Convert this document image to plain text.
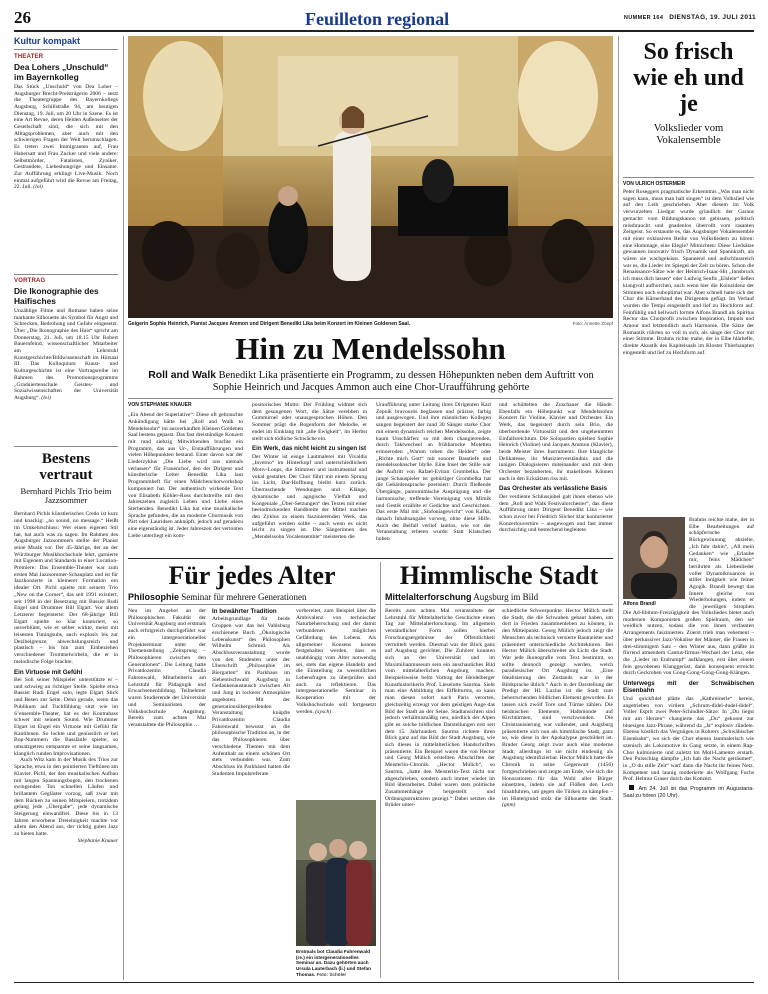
26	Feuilleton regional	NUMMER 164 DIENSTAG, 19. JULI 2011
Kultur kompakt
THEATER
Dea Lohers „Unschuld“ im Bayernkolleg
Das Stück „Unschuld“ von Dea Loher – Augsburger Brecht-Preisträgerin 2006 – setzt die Theatergruppe des Bayernkollegs Augsburg, Schillstraße 94, am heutigen Dienstag, 19. Juli, um 20 Uhr in Szene. Es ist eine Art Revue, deren Helden Außenseiter der Gesellschaft sind, die sich mit den Alltagsproblemen, aber auch mit den schwierigen Fragen der Welt herumschlagen. Es treten zwei Immigranten auf, Frau Habersatt und Frau Zucker und viele andere: Selbstmörder, Fatalisten, Zyniker, Gestrandete, Liebeshungrige und Einsame. Zur Aufführung erklingt Live-Musik. Noch einmal aufgeführt wird die Revue am Freitag, 22. Juli. (loi)
VORTRAG
Die Ikonographie des Haifisches
Unzählige Filme und Romane haben seine markante Silhouette als Symbol für Angst und Schrecken, Bedrohung und Gefahr eingesetzt. Über „Die Ikonographie des Hais“ spricht am Donnerstag, 21. Juli, um 18.15 Uhr Robert Bauernfeind, wissenschaftlicher Mitarbeiter am Lehrstuhl Kunstgeschichte/Bildwissenschaft im Hörsaal III. Das Kolloquium Kunst- und Kulturgeschichte ist eine Vortragsreihe im Rahmen des Promotionsprogramms „Graduiertenschule Geistes- und Sozialwissenschaften der Universität Augsburg“. (loi)
Bestens vertraut
Bernhard Pichls Trio beim Jazzsommer

Bernhard Pichls künstlerisches Credo ist kurz und knackig: „no sound, no message.“ Heißt im Umkehrschluss: Wer einen eigenen Stil hat, hat auch was zu sagen. Im Rahmen des Augsburger Jazzsommers stellte der Pianist seine Musik vor. Der 45-Jährige, der an der Würzburger Musikhochschule lehrt, garnierte mit Eigenem und Standards in einer Location-Premiere: Das Ensemble-Theater war zum ersten Mal Jazzsommer-Schauplatz und ist für Jazzkonzerte in kleinerer Formation ein idealer Ort. Pichl spielte mit seinem Trio „New on the Corner“, das seit 1991 existiert, seit 1998 in der Besetzung mit Bassist Rudi Engel und Drummer Bill Elgart. Vor allem Letzterer begeisterte: Der 68-jährige Bill Elgart spielte so klar konturiert, so unverblümt, wie er selber wirkte, meist mit leisesten Tuningsubs, auch explosiv bis zur Dezibelgrenze, abwechslungsreich und plastisch – bis hin zum Einbeziehen verschiedener Trommelwirbeln, die er in melodische Folge brachte.

Ein Virtuose mit Gefühl

Bei Soli seiner Mitspieler unterstützte er – und schwieg an richtiger Stelle. Spielte etwa Bassist Rudi Engel solo, legte Elgart Stick und Besen zur Seite. Denn gerade, wenn das Publikum auf Tuchfühlung sitzt wie im S’ensemble-Theater, hat es der Kontrabass schwer mit seinem Sound. Wie Drummer Elgart ist Engel ein Virtuose mit Gefühl für Kantilenen. So lockte und genüsslich er bei Bop-Nummern die Bassläufe spielte, so umsatzgetreu entspannte er seine langsamen, klanglich runden Improvisationen.

Auch Witz kam in der Musik des Trios zur Sprache, etwa in den pointierten Tieftönen am Klavier. Pichl, der den musikalischen Aufbau mit langen Spannungsbogen, den trockenen swingenden Ton schnellen Läufen und brillantem Gegläster vorzog, saß zwar mit dem Rücken zu seinen Mitspielern, trotzdem gelang jede „Übergabe“, jede dynamische Steigerung einwandfrei. Diese bis in 13 Jahren erworbene Dreieinigkeit machte vor allem den Abend aus, der richtig guten Jazz zu bieten hatte.

Stephanie Knauer
Geigerin Sophie Heinrich, Pianist Jacques Ammon und Dirigent Benedikt Lika beim Konzert im Kleinen Goldenen Saal.	Foto: Annette Zoepf
Hin zu Mendelssohn
Roll and Walk Benedikt Lika präsentierte ein Programm, zu dessen Höhepunkten neben dem Auftritt von Sophie Heinrich und Jacques Ammon auch eine Chor-Uraufführung gehörte
VON STEPHANIE KNAUER
„Ein Abend der Superlative“: Diese oft gebrauchte Ankündigung hätte bei „Roll and Walk to Mendelssohn“ im ausverkauften Kleinen Goldenen Saal bestens gepasst. Das fast dreistündige Konzert mit rund siebzig Mitwirkenden brachte ein Programm, das aus Ur-, Erstaufführungen und vielen Höhepunkten bestand. Einer davon war der Liederzyklus „Die Liebe wird uns niemals verlassen“ für Frauenchor, den der Dirigent und künstlerische Leiter Benedikt Lika laut Programmheft für einen Mädchenchorworkshop komponiert hat. Der authentisch wirkende Text von Elisabeth Köhler-Ross durchstreifte mit den Jahreszeiten zugleich Leben und Liebe eines Sterbenden. Benedikt Lika hat eine musikalische Sprache gefunden, die an moderne Chormusik von Pärt oder Lauridsen anknüpft, jedoch auf geradezu eine eigenständig ist. Jeder Jahreszeit der vertonten Liebe unterliegt ein kom-

positorisches Motto: Der Frühling widmet sich dem gesungenen Wort, die Sätze verebben in Gummirnel oder unausgesprochen Höhen. Den Sommer prägt die Bogenform der Melodie, er endet im Einklang mit „alle Ewigkeit“, im Herbst stellt sich tödliche Schwäche ein.

Ein Werk, das nicht leicht zu singen ist

Der Winter ist eisige Lautmalerei mit Vivaldis „Inverno“ im Hinterkopf und unterschiedlichem Motiv-Loops, die Stimmen und instrumental und vokal gestaltet. Der Chor führt mit einem Sprung ins Licht, Dur-Hoffnung bleibt kurz zurück. Überraschende Wendungen und Klänge, dynamische und agogische Vielfalt und Kongeniale „Über-Setzungen“ des Textes mit einer beeindruckenden Bandbreite der Mittel machen den Zyklus zu einem faszinierenden Werk, das aufgeführt werden sollte – auch wenn es nicht leicht zu singen ist. Die Sängerinnen des „Mendelssohn Vocalensemble“ meisterten die

Uraufführung unter Leitung ihres Dirigenten Karl Zepnik bravourös beglassen und präzise, farbig und ausgewogen. Und ihre männlichen Kollegen sangen begeistert der rund 30 Sänger starke Chor mit einem dynamisch reichen Mendelssohn, zeigte kaum Unschärfen: so mit dem changierenden, durch Taktwechsel an frühbarocke Motetten erinnernden „Warum toben die Heiden“ oder „Richte mich Gott“ mit sonorer Basstiefe und mendelssohnscher Idylle. Eine Insel der Stille war der Auftritt von Rafael-Evitan Grombelka. Der junge Schauspieler ist gebürtiger Grombelka hat die Gebärdensprache poetisiert: Durch fließende Übergänge, pantomimische Ausprägung und die harmonische, treffende Vereinigung von Mimik und Gestik erzählte er Gedichte und Geschichten. Das erste Mal mit „Sinfoniagewicht“ von Kafka, danach Inhaltsangabe vorweg, ohne diese Hilfe. Auch der Beifall verlief lautlos, wie vor der Veranstaltung erbeten wurde: Statt Klatschen hoben

und schüttelten die Zuschauer die Hände. Ebenfalls ein Höhepunkt war Mendelssohns Konzert für Violine, Klavier und Orchester. Ein Werk, das begeistert durch sein Brio, die überbordende Virtuosität und den ungehemmten Einfallsreichtum. Die Solopartien spielten Sophie Heinrich (Violine) und Jacques Ammon (Klavier), beide Meister ihres Instruments. Ihre klangliche Delikatesse, ihr Musizierverständnis und die innigen Dialogisieren miteinander und mit dem Orchester bezauberten, ihr makelloses Können auch in den Ecksätzen riss mit.

Das Orchester als verlässliche Basis

Der verdiente Schlussjubel galt ihnen ebenso wie dem „Roll and Walk Festivalorchester“, das diese Aufführung unter Dirigent Benedikt Lika – wie schon zuvor bei Friedrich Silcher klar konturierter Konzertouvertüre – ausgewogen und fast immer durchsichtig und bestechend begleitete.

Für jedes Alter
Philosophie Seminar für mehrere Generationen
Neu im Angebot an der Philosophischen Fakultät der Universität Augsburg und erstmals auch erfolgreich durchgeführt war ein intergenerationelles Projektseminar unter der Themenstellung „Zeitsprung – Philosophieren zwischen den Generationen“. Die Leitung hatte Privatdozentin Claudia Fahrenwald, Mitarbeiterin am Lehrstuhl für Pädagogik und Erwachsenenbildung. Teilnehmer waren Studierende der Universität und Seminaristen der Volkshochschule Augsburg. Bereits zum achten Mal veranstaltete die Philosophie …
In bewährter Tradition

Arbeitsgrundlage für beide Gruppen war das bei Vahlsburg erschienene Buch „Ökologische Lebenskunst“ des Philosophen Wilhelm Schmid. Als Abschlussveranstaltung wurde von den Studenten unter der Überschrift „Philosophie im Biergarten“ im Parkhaus im Siebentischwald Augsburg in Gedankenaustausch zwischen Alt und Jung in lockerer Atmosphäre angeboten. Mit der generationsübergreifenden Veranstaltung knüpfte Privatdozentin Claudia Fahrenwald bewusst an die philosophische Tradition an, in der das Philosophieren über verschiedene Themen mit dem Aufenthalt an einem schönen Ort stets verbunden war. Zum Abschluss im Parkhäusl hatten die Studenten Impulsreferate

vorbereitet, zum Beispiel über die Ambivalenz von technischer Naturbeherrschung und der damit verbundenen möglichen Gefährdung des Lebens. Als allgemeiner Konsens konnte festgehalten werden, dass es unabhängig vom Alter notwendig sei, stets das eigene Handeln und die Einstellung zu wesentlichen Lebensfragen zu überprüfen und auch zu reflektieren. Das intergenerationelle Seminar in Kooperation mit der Volkshochschule soll fortgesetzt werden. (sysch)
Erstmals bot Claudia Fahrenwald (re.) ein intergenerationelles Seminar an. Dazu gehörten auch Ursula Lauterbach (li.) und Stefan Thomas. Foto: Schöler
Himmlische Stadt
Mittelalterforschung Augsburg im Bild
Bereits zum achten Mal veranstaltete der Lehrstuhl für Mittelalterliche Geschichte einen Tag zur Mittelalterforschung. Im allgemein verständlicher Form sollen hierbei Forschungsergebnisse der Öffentlichkeit vermittelt werden. Diesmal war der Blick ganz auf Augsburg gerichtet. Die Zuhörer konnten sich an der Universität und im Maximilianmuseum sein ein anschauliches Bild vom mittelalterlichen Augsburg machen. Beispielsweise beim Vortrag der Heidelberger Kunsthistorikerin Prof. Lieselotte Saurma. Sieht man eine Abbildung des Eiffelturms, so kann man diesen sofort nach Paris verorten, gleichzeitig erzeugt vor dem geistigen Auge das Bild der Stadt an der Seine. Stadtansichten sind jedoch verhältnismäßig neu, nördlich der Alpen gibt es solche bildlichen Darstellungen erst seit dem 15. Jahrhundert. Saurma richtete ihren Blick ganz auf das Bild der Stadt Augsburg, wie sich dieses in mittelalterlichen Handschriften präsentierte. Ein Beispiel waren die von Hector und Georg Mülich erstellten Abschriften der Meisterlin-Chronik. „Hector Mülich“, so Saurma, „hatte den Meisterlin-Text nicht nur abgeschrieben, sondern auch immer wieder im Bild überarbeitet. Dabei waren stets politische Zusammenhänge hergestellt und Ordnungsstrukturen gezeigt.“ Dabei setzten die Brüder unter-
schiedliche Schwerpunkte. Hector Mülich stellt die Stadt, die die Schwaben gebaut haben, um dort in Frieden zusammenleben zu können, in den Mittelpunkt. Georg Mülich jedoch zeigt die Menschen als technisch versierte Baumeister und präsentiert unterschiedliche Architekturen. Bei Hector Mülich überschreitet als Licht die Stadt. War jede Ikonografie vom Text bestimmt, so sollte dennoch gezeigt werden, welch paradiesischer Ort Augsburg ist. „Eine Idealisierung des Zustands war in der Bildsprache üblich.“ Auch in der Darstellung der Predigt der Hl. Luzius ist die Stadt zum beherrschenden bildlichen Element geworden. Es lassen sich zwölf Tore und Türme zählen. Die heidnischen Elemente, Halbmonde auf Kirchtürmen, sind verschwunden. Die Christianisierung war vollendet, und Augsburg präsentierte sich nun als himmlische Stadt, ganz so, wie diese in der Apokalypse geschildert ist. Bruder Georg zeigt zwar auch eine moderne Stadt, allerdings ist sie nicht eindeutig als Augsburg identifizierbar. Hector Mülich hatte die Chronik in seine Gegenwart (1456) fortgeschrieben und zeigte am Ende, wie sich die Honoratioren für das Wohl aller Bürger einsetzten, indem sie auf Flößen den Lech hinabfuhren, um gegen die Türken zu kämpfen – im Hintergrund stolz die Silhouette der Stadt. (gnm)
So frisch wie eh und je
Volkslieder vom Vokalensemble
VON ULRICH OSTERMEIR
Peter Roseggers pragmatische Erkenntnis „Was man nicht sagen kann, muss man halt singen“ ist dem Volkslied wie auf den Leib geschrieben. Aber diesem im Volk verwurzelten Liedgut wurde gründlich der Garaus gemacht: vom Bildungskanon tot gebissen, politisch missbraucht und gnadenlos überrollt vom rasanten Zeitgeist. So erstaunte es, das Augsburger Vokalensemble mit einer exklusiven Reihe von Volksliedern zu hören: eine Hommage, eine Elegie? Mitnichten: Diese Liedsätze gewannen innovativ frisch Dynamik und Spannkraft, als wären sie wachgeküsst. Spannend und aufschlussreich war es, die Lieder im Spiegel der Zeit zu hören. Schon die Renaissance-Sätze wie der Heinrich-Isaac-Hit „Innsbruck ich muss dich lassen“ oder Ludwig Senfls „Elslein“ ließen klangvoll aufhorchen, auch wenn hier die Koinzidenz der Stimmen noch suboptimal war. Aber schnell hatte sich der Chor die Kärnerhand des Dirigenten gefügt. Im Verlauf wurden die Tempi eingestellt und lief zu Hochform auf. Feinfühlig und hellwach formte Alfons Brandl als Spiritus Rector das Chorprofil zwischen Inspiration, Impuls und Amour und letztendlich auch Harmonie. Die Sätze der Romantik rührten so voll in sich, als sänge der Chor mit einer Stimme. Brahms richte mahe, der in Elbe hlärhelle, direkte Akustik des Kapitelsaals im Kloster Thierhaupten eingestellt und lief zu Hochform auf.
Alfons Brandl
Brahms reichte mahe, der in Elbe Bearbeitungen auf schöpferische Rückgewinnung abzielte, „Ich fahr dahin“, „All mein Gedanken“ wie „Erlaube mir, feins Mädchen“ berührten als Liebeslieder voller Dynamiknuancen in stiller Innigkeit wie feiner Agogik. Brandl bewegt das Innere gleiche von Wiederholungen, indem er die jeweiligen Strophen

Die Ad-libitum-Freizügigkeit des Volksliedes bietet auch modernen Komponisten großen Spielraum, den sie weidlich nutzen, sodass die von ihnen verfassten Arrangements faszinierten. Zuerst trieb man vehement – über perkussiver Jazz-Vokalise der Männer, die Frauen in drei-stimmigem Satz – den Winter aus, dann grüßte in flirrend atmendem Cantus-firmus-Wechsel der Lenz, ehe die „Lieder im Endrumpf“ aufklangen, erst über einem fein gewobenen Klanggerüst, dann konsequent erreicht durch Geckrohen von Gong-Gong-Gong-Gong-Klängen.

Unterwegs mit der Schwäbischen Eisenbahn

Und quickfidel plätte das „Kathreinerle“ herein, angetrieben von virilem „Schrum-didel-dudel-didel“. Voller Esprit zwei Peter-Schindler-Sätze: In „Du liegst mir am Herzen“ changierte das „Du“ gekonnt zur bluesigen Jazz-Phrase, während da „Ja“ explosiv zündete. Ebenso köstlich das Vergnügen in Rohrers „Schwäbischer Eisenbahn“, wo sich der Chor ebenso lautmalerisch wie szenisch als Lokomotive in Gang setzte, in einem Rap-Chor kulminierte und zuletzt im Moll-Lamento erstarb. Den Pulsschlag dämpfte „Ich hab die Nacht geträumet“, in „O du stille Zeit“ warf dann die Nacht ihr feines Netz. Kompetent und launig moderierte als Wolfgang Fuchs Prof. Helmut Graser durch das Konzert.

Am 24. Juli ist das Programm im Augustana-Saal zu hören (20 Uhr).
